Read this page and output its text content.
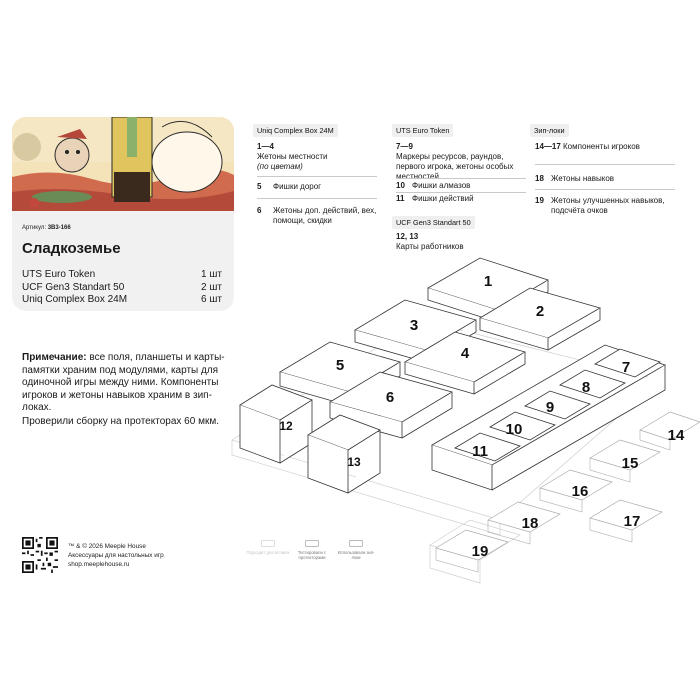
Артикул: 3B3-166
Сладкоземье
UTS Euro Token	1 шт
UCF Gen3 Standart 50	2 шт
Uniq Complex Box 24M	6 шт
Примечание: все поля, планшеты и карты-памятки храним под модулями, карты для одиночной игры между ними. Компоненты игроков и жетоны навыков храним в зип-локах.
Проверили сборку на протекторах 60 мкм.
™ & © 2026 Meeple House
Аксессуары для настольных игр
shop.meeplehouse.ru
Подходит для вставок	Тестировали с протекторами
Использовали зип-локи
Uniq Complex Box 24M
1—4
Жетоны местности
(по цветам)
5	Фишки дорог
6	Жетоны доп. действий, вех, помощи, скидки
UTS Euro Token
7—9
Маркеры ресурсов, раундов, первого игрока, жетоны особых местностей
10 Фишки алмазов
11 Фишки действий
UCF Gen3 Standart 50
12, 13
Карты работников
Зип-локи
14—17 Компоненты игроков
18 Жетоны навыков
19 Жетоны улучшенных навыков, подсчёта очков
1
2
3
4
5
6
7
8
9
10
11
12
13
14
15
16
17
18
19
